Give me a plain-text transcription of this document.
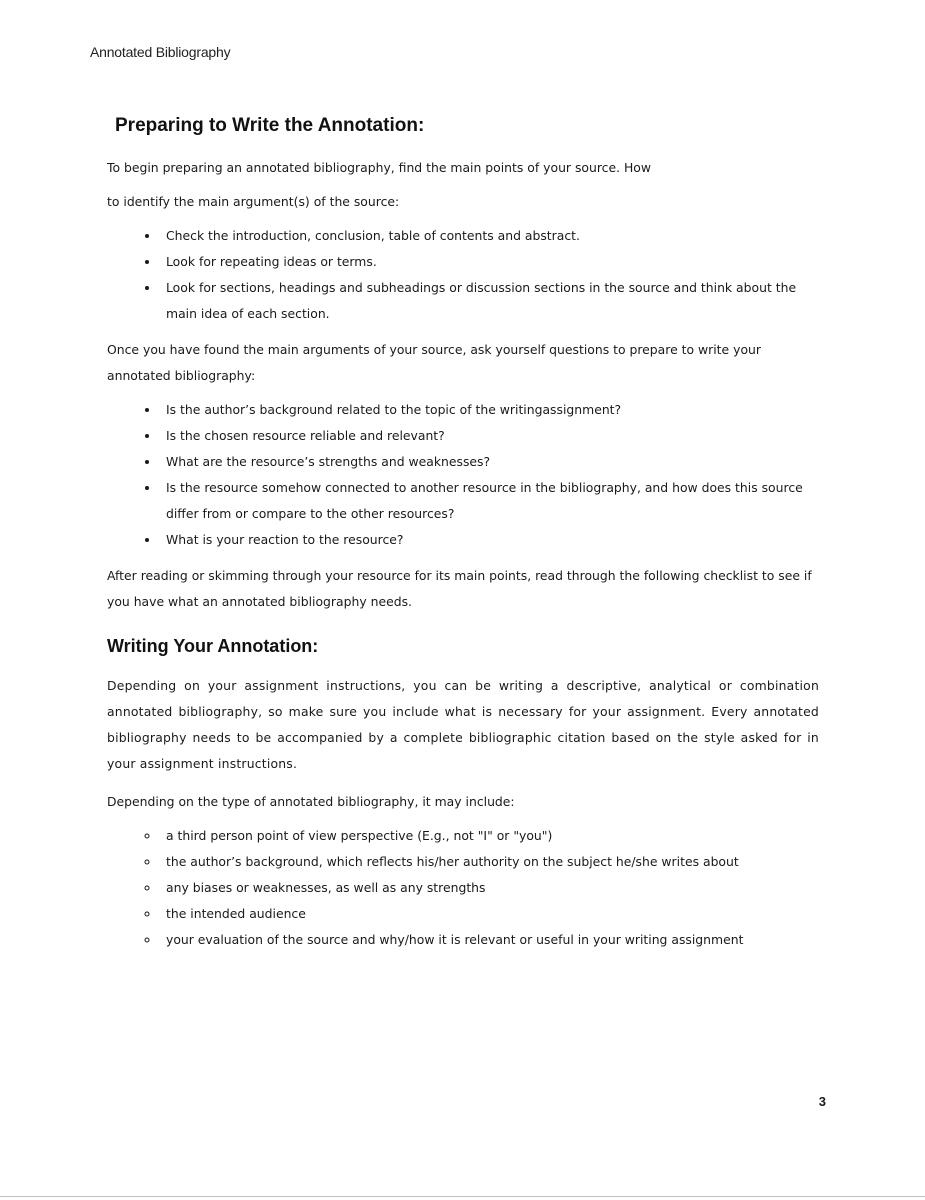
Annotated Bibliography
Preparing to Write the Annotation:

To begin preparing an annotated bibliography, find the main points of your source. How

to identify the main argument(s) of the source:

• Check the introduction, conclusion, table of contents and abstract.
• Look for repeating ideas or terms.
• Look for sections, headings and subheadings or discussion sections in the source and think about the main idea of each section.

Once you have found the main arguments of your source, ask yourself questions to prepare to write your annotated bibliography:

• Is the author’s background related to the topic of the writingassignment?
• Is the chosen resource reliable and relevant?
• What are the resource’s strengths and weaknesses?
• Is the resource somehow connected to another resource in the bibliography, and how does this source differ from or compare to the other resources?
• What is your reaction to the resource?

After reading or skimming through your resource for its main points, read through the following checklist to see if you have what an annotated bibliography needs.

Writing Your Annotation:

Depending on your assignment instructions, you can be writing a descriptive, analytical or combination annotated bibliography, so make sure you include what is necessary for your assignment. Every annotated bibliography needs to be accompanied by a complete bibliographic citation based on the style asked for in your assignment instructions.

Depending on the type of annotated bibliography, it may include:

◦ a third person point of view perspective (E.g., not "I" or "you")
◦ the author’s background, which reflects his/her authority on the subject he/she writes about
◦ any biases or weaknesses, as well as any strengths
◦ the intended audience
◦ your evaluation of the source and why/how it is relevant or useful in your writing assignment
3
